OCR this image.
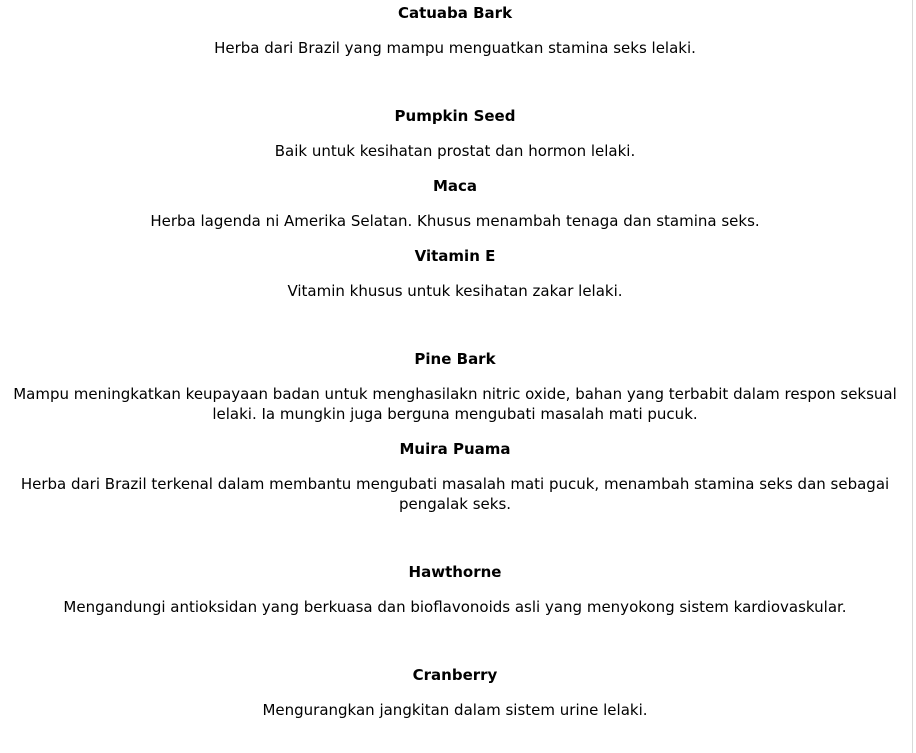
Catuaba Bark
Herba dari Brazil yang mampu menguatkan stamina seks lelaki.
Pumpkin Seed
Baik untuk kesihatan prostat dan hormon lelaki.
Maca
Herba lagenda ni Amerika Selatan. Khusus menambah tenaga dan stamina seks.
Vitamin E
Vitamin khusus untuk kesihatan zakar lelaki.
Pine Bark
Mampu meningkatkan keupayaan badan untuk menghasilakn nitric oxide, bahan yang terbabit dalam respon seksual lelaki. Ia mungkin juga berguna mengubati masalah mati pucuk.
Muira Puama
Herba dari Brazil terkenal dalam membantu mengubati masalah mati pucuk, menambah stamina seks dan sebagai pengalak seks.
Hawthorne
Mengandungi antioksidan yang berkuasa dan bioflavonoids asli yang menyokong sistem kardiovaskular.
Cranberry
Mengurangkan jangkitan dalam sistem urine lelaki.
